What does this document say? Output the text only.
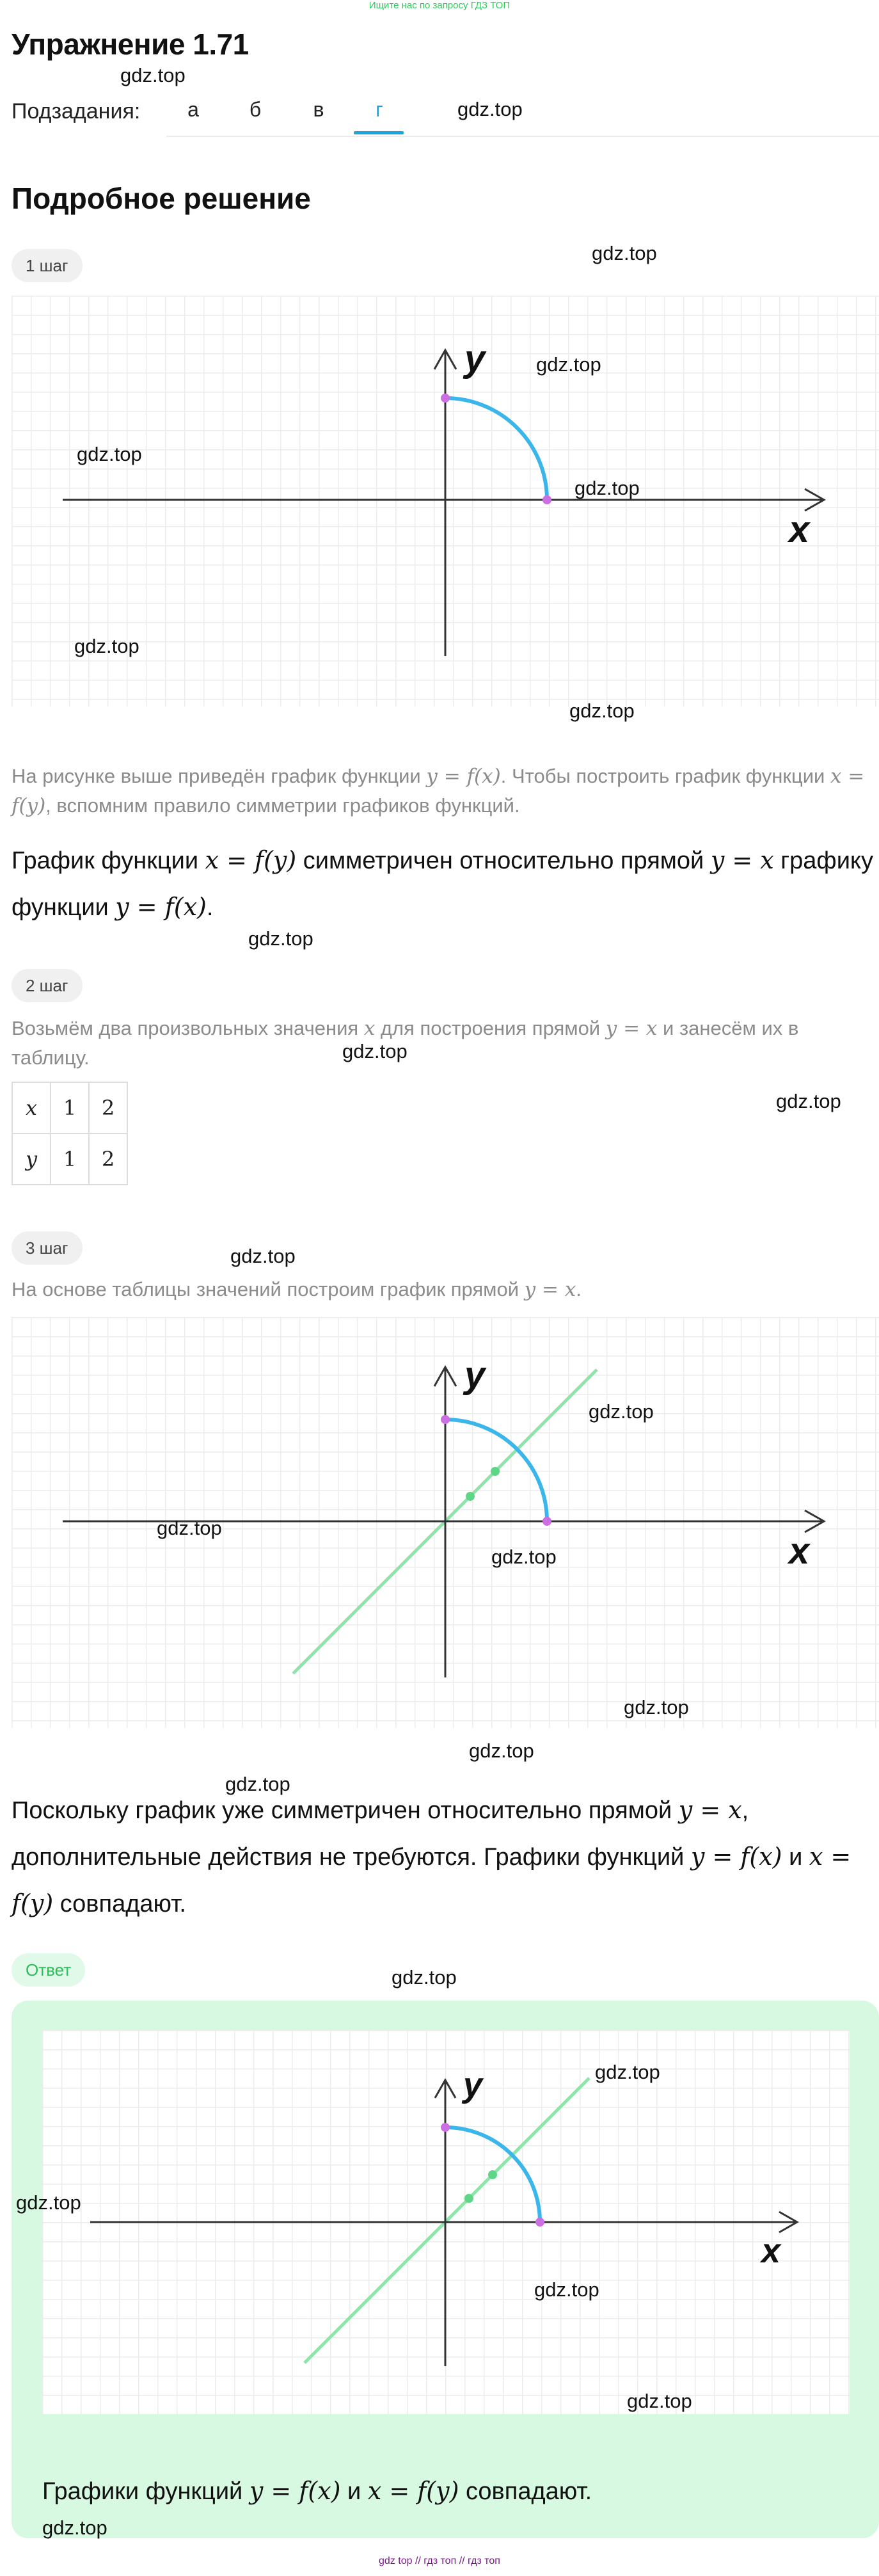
Ищите нас по запросу ГДЗ ТОП
Упражнение 1.71
Подзадания:	а	б	в	г
Подробное решение
1 шаг
y
x
На рисунке выше приведён график функции y = f(x). Чтобы построить график функции x = f(y), вспомним правило симметрии графиков функций.
График функции x = f(y) симметричен относительно прямой y = x графику функции y = f(x).
2 шаг
Возьмём два произвольных значения x для построения прямой y = x и занесём их в таблицу.
x	1	2
y	1	2
3 шаг
На основе таблицы значений построим график прямой y = x.
y
x
Поскольку график уже симметричен относительно прямой y = x, дополнительные действия не требуются. Графики функций y = f(x) и x = f(y) совпадают.
Ответ
y
x
Графики функций y = f(x) и x = f(y) совпадают.
gdz.top
gdz.top
gdz.top
gdz.top
gdz.top
gdz.top
gdz.top
gdz.top
gdz.top
gdz.top
gdz.top
gdz.top
gdz.top
gdz.top
gdz.top
gdz.top
gdz.top
gdz.top
gdz.top
gdz.top
gdz.top
gdz.top
gdz.top
gdz.top
gdz top // гдз топ // гдз топ
